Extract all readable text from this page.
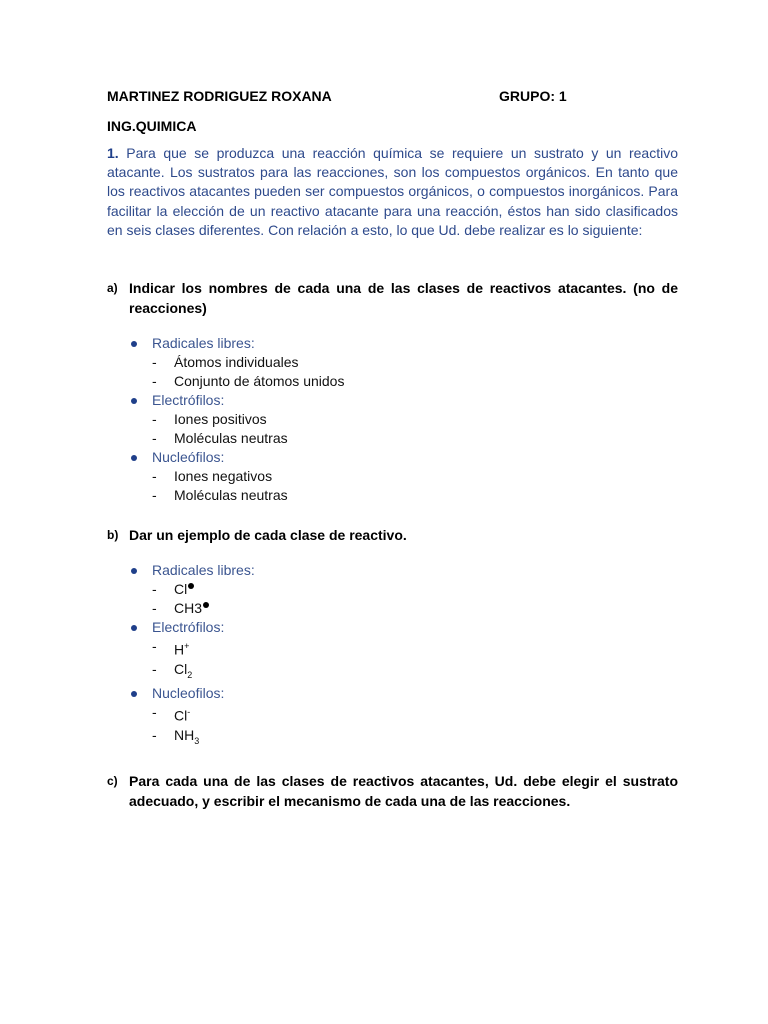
MARTINEZ RODRIGUEZ ROXANA	GRUPO: 1
ING.QUIMICA
1. Para que se produzca una reacción química se requiere un sustrato y un reactivo atacante. Los sustratos para las reacciones, son los compuestos orgánicos. En tanto que los reactivos atacantes pueden ser compuestos orgánicos, o compuestos inorgánicos. Para facilitar la elección de un reactivo atacante para una reacción, éstos han sido clasificados en seis clases diferentes. Con relación a esto, lo que Ud. debe realizar es lo siguiente:
a) Indicar los nombres de cada una de las clases de reactivos atacantes. (no de reacciones)
Radicales libres:
- Átomos individuales
- Conjunto de átomos unidos
Electrófilos:
- Iones positivos
- Moléculas neutras
Nucleófilos:
- Iones negativos
- Moléculas neutras
b) Dar un ejemplo de cada clase de reactivo.
Radicales libres:
- Cl
- CH3
Electrófilos:
- H+
- $Cl_2$
Nucleofilos:
- Cl-
- $NH_3$
c) Para cada una de las clases de reactivos atacantes, Ud. debe elegir el sustrato adecuado, y escribir el mecanismo de cada una de las reacciones.
